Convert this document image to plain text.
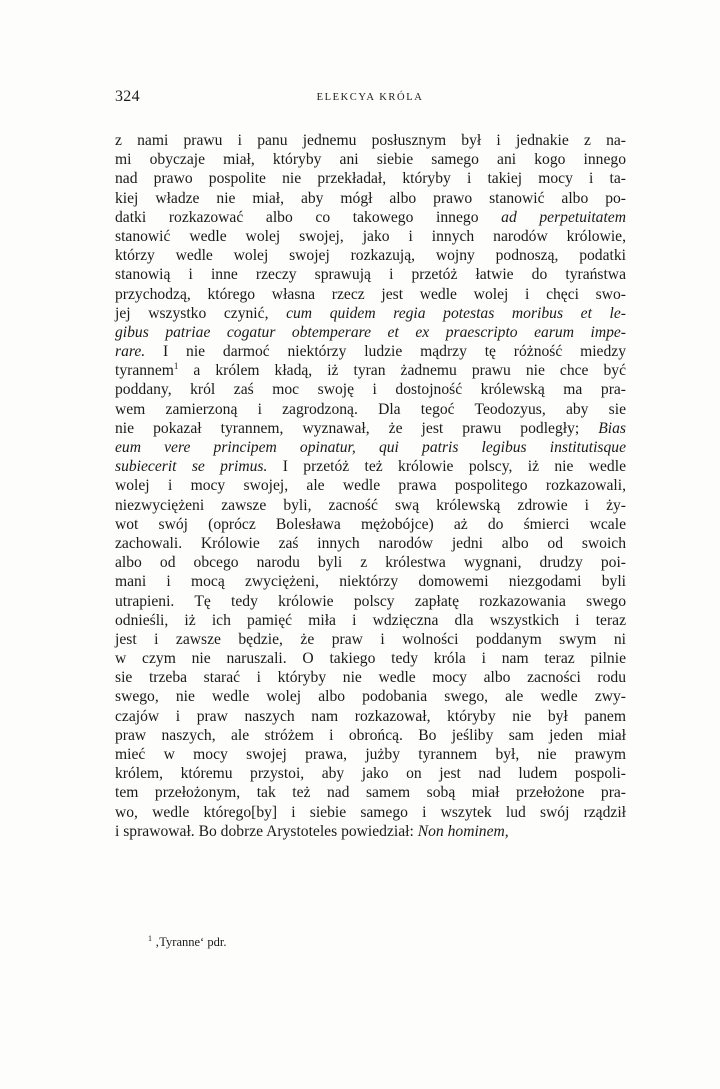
324	ELEKCYA KRÓLA
z nami prawu i panu jednemu posłusznym był i jednakie z na-
mi obyczaje miał, któryby ani siebie samego ani kogo innego
nad prawo pospolite nie przekładał, któryby i takiej mocy i ta-
kiej władze nie miał, aby mógł albo prawo stanowić albo po-
datki rozkazować albo co takowego innego ad perpetuitatem
stanowić wedle wolej swojej, jako i innych narodów królowie,
którzy wedle wolej swojej rozkazują, wojny podnoszą, podatki
stanowią i inne rzeczy sprawują i przetóż łatwie do tyraństwa
przychodzą, którego własna rzecz jest wedle wolej i chęci swo-
jej wszystko czynić, cum quidem regia potestas moribus et le-
gibus patriae cogatur obtemperare et ex praescripto earum impe-
rare. I nie darmoć niektórzy ludzie mądrzy tę różność miedzy
tyrannem$^1$ a królem kładą, iż tyran żadnemu prawu nie chce być
poddany, król zaś moc swoję i dostojność królewską ma pra-
wem zamierzoną i zagrodzoną. Dla tegoć Teodozyus, aby sie
nie pokazał tyrannem, wyznawał, że jest prawu podległy; Bias
eum vere principem opinatur, qui patris legibus institutisque
subiecerit se primus. I przetóż też królowie polscy, iż nie wedle
wolej i mocy swojej, ale wedle prawa pospolitego rozkazowali,
niezwyciężeni zawsze byli, zacność swą królewską zdrowie i ży-
wot swój (oprócz Bolesława mężobójce) aż do śmierci wcale
zachowali. Królowie zaś innych narodów jedni albo od swoich
albo od obcego narodu byli z królestwa wygnani, drudzy poi-
mani i mocą zwyciężeni, niektórzy domowemi niezgodami byli
utrapieni. Tę tedy królowie polscy zapłatę rozkazowania swego
odnieśli, iż ich pamięć miła i wdzięczna dla wszystkich i teraz
jest i zawsze będzie, że praw i wolności poddanym swym ni
w czym nie naruszali. O takiego tedy króla i nam teraz pilnie
sie trzeba starać i któryby nie wedle mocy albo zacności rodu
swego, nie wedle wolej albo podobania swego, ale wedle zwy-
czajów i praw naszych nam rozkazował, któryby nie był panem
praw naszych, ale stróżem i obrońcą. Bo jeśliby sam jeden miał
mieć w mocy swojej prawa, jużby tyrannem był, nie prawym
królem, któremu przystoi, aby jako on jest nad ludem pospoli-
tem przełożonym, tak też nad samem sobą miał przełożone pra-
wo, wedle którego[by] i siebie samego i wszytek lud swój rządził
i sprawował. Bo dobrze Arystoteles powiedział: Non hominem,
$^1$ ‚Tyranne‘ pdr.
